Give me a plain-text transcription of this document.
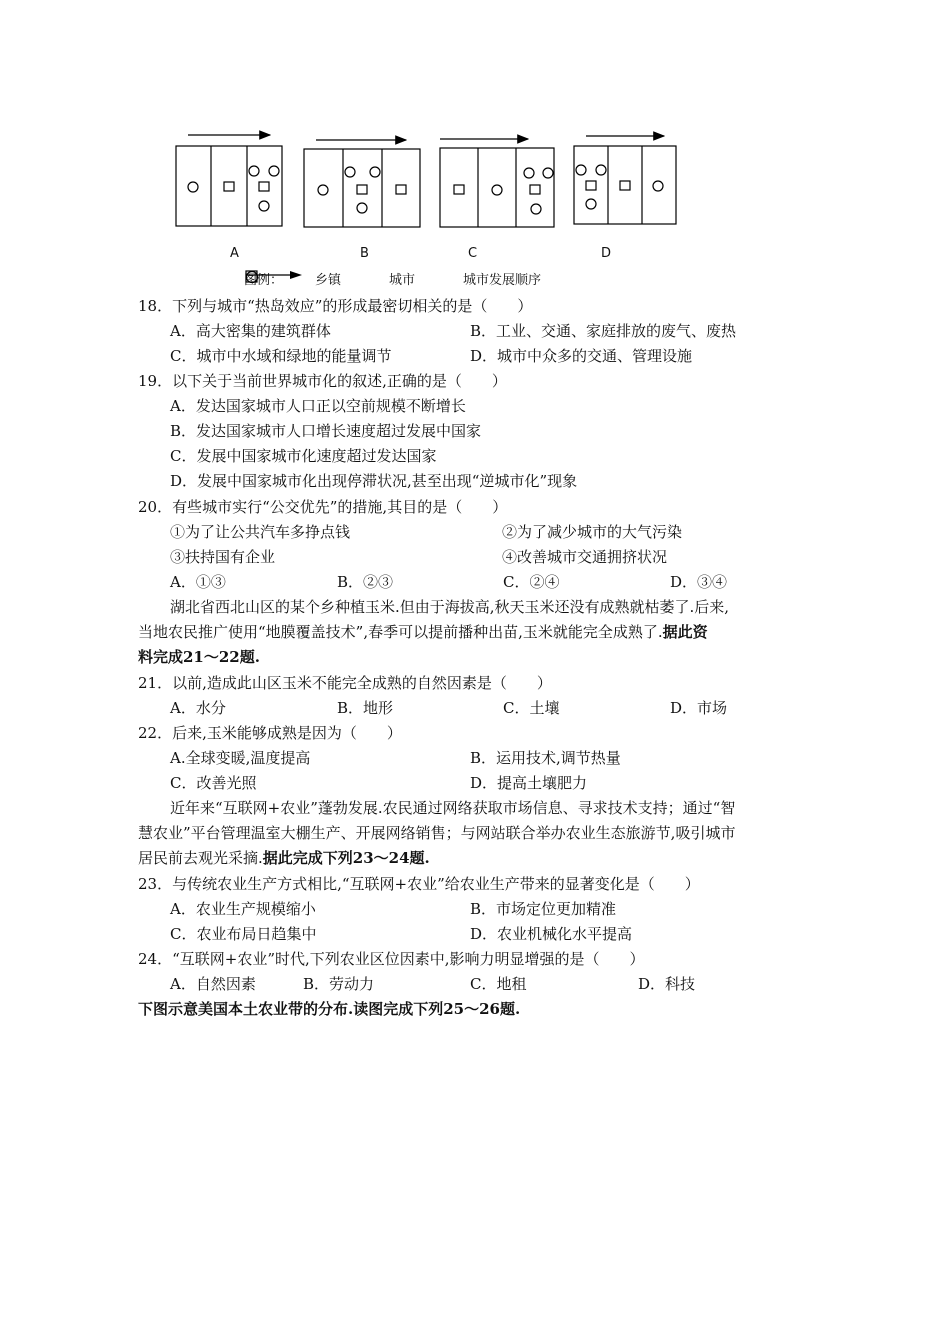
A	B	C	D
图例： 乡镇	城市	城市发展顺序
18．下列与城市“热岛效应”的形成最密切相关的是（　　）
A．高大密集的建筑群体	B．工业、交通、家庭排放的废气、废热
C．城市中水域和绿地的能量调节	D．城市中众多的交通、管理设施
19．以下关于当前世界城市化的叙述,正确的是（　　）
A．发达国家城市人口正以空前规模不断增长
B．发达国家城市人口增长速度超过发展中国家
C．发展中国家城市化速度超过发达国家
D．发展中国家城市化出现停滞状况,甚至出现“逆城市化”现象
20．有些城市实行“公交优先”的措施,其目的是（　　）
①为了让公共汽车多挣点钱	②为了减少城市的大气污染
③扶持国有企业	④改善城市交通拥挤状况
A．①③	B．②③	C．②④	D．③④
湖北省西北山区的某个乡种植玉米.但由于海拔高,秋天玉米还没有成熟就枯萎了.后来,
当地农民推广使用“地膜覆盖技术”,春季可以提前播种出苗,玉米就能完全成熟了.据此资
料完成21～22题.
21．以前,造成此山区玉米不能完全成熟的自然因素是（　　）
A．水分	B．地形	C．土壤	D．市场
22．后来,玉米能够成熟是因为（　　）
A.全球变暖,温度提高	B．运用技术,调节热量
C．改善光照	D．提高土壤肥力
近年来“互联网+农业”蓬勃发展.农民通过网络获取市场信息、寻求技术支持；通过“智
慧农业”平台管理温室大棚生产、开展网络销售；与网站联合举办农业生态旅游节,吸引城市
居民前去观光采摘.据此完成下列23～24题.
23．与传统农业生产方式相比,“互联网+农业”给农业生产带来的显著变化是（　　）
A．农业生产规模缩小	B．市场定位更加精准
C．农业布局日趋集中	D．农业机械化水平提高
24．“互联网+农业”时代,下列农业区位因素中,影响力明显增强的是（　　）
A．自然因素	B．劳动力	C．地租	D．科技
下图示意美国本土农业带的分布.读图完成下列25～26题.
